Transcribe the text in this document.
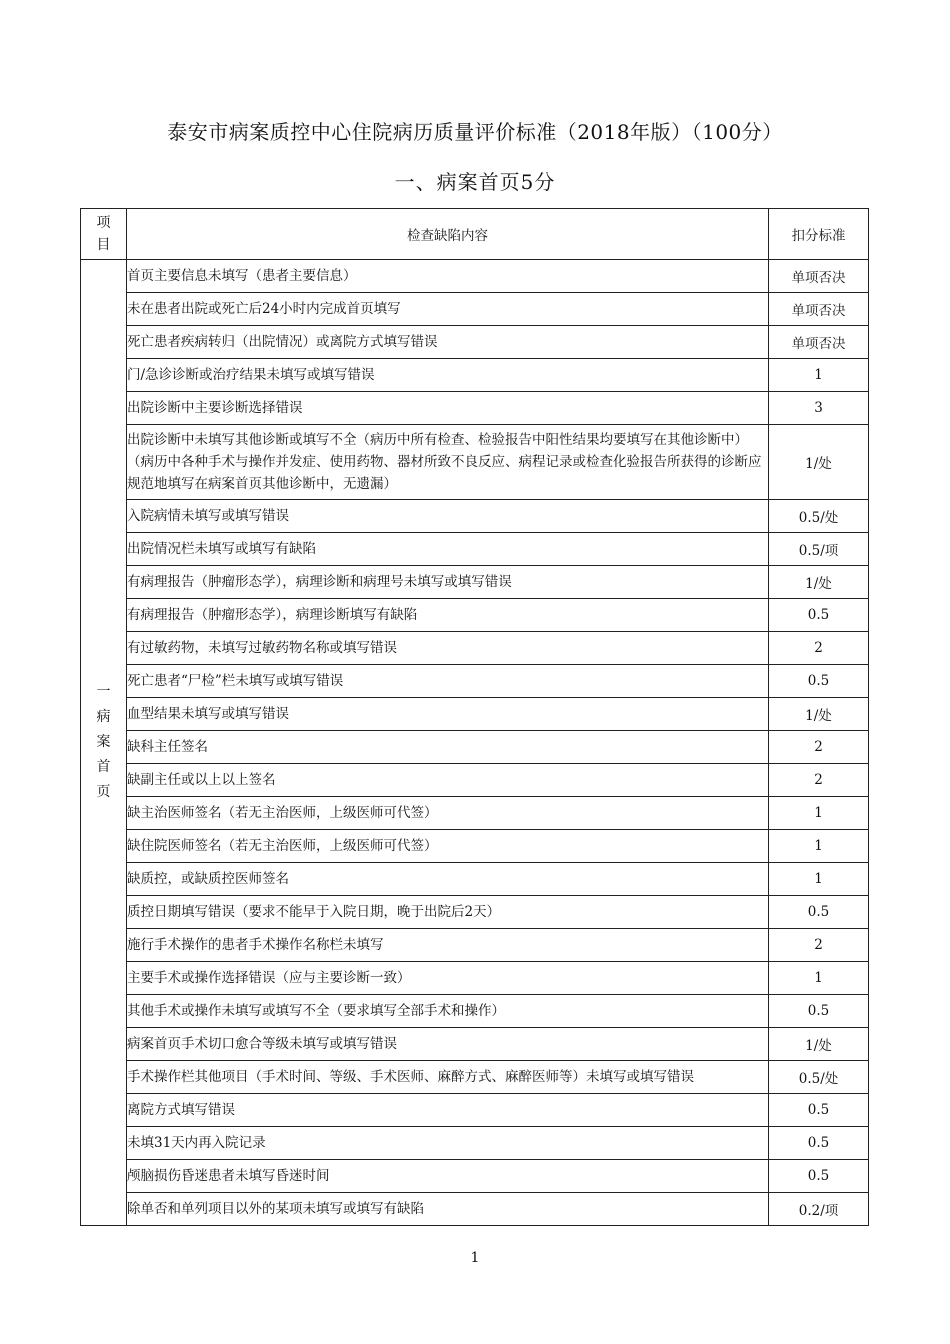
泰安市病案质控中心住院病历质量评价标准（2018年版）（100分）
一、病案首页5分
项目	检查缺陷内容	扣分标准
一病案首页	首页主要信息未填写（患者主要信息）	单项否决
	未在患者出院或死亡后24小时内完成首页填写	单项否决
	死亡患者疾病转归（出院情况）或离院方式填写错误	单项否决
	门/急诊诊断或治疗结果未填写或填写错误	1
	出院诊断中主要诊断选择错误	3
	出院诊断中未填写其他诊断或填写不全（病历中所有检查、检验报告中阳性结果均要填写在其他诊断中）（病历中各种手术与操作并发症、使用药物、器材所致不良反应、病程记录或检查化验报告所获得的诊断应规范地填写在病案首页其他诊断中，无遗漏）	1/处
	入院病情未填写或填写错误	0.5/处
	出院情况栏未填写或填写有缺陷	0.5/项
	有病理报告（肿瘤形态学），病理诊断和病理号未填写或填写错误	1/处
	有病理报告（肿瘤形态学），病理诊断填写有缺陷	0.5
	有过敏药物，未填写过敏药物名称或填写错误	2
	死亡患者“尸检”栏未填写或填写错误	0.5
	血型结果未填写或填写错误	1/处
	缺科主任签名	2
	缺副主任或以上以上签名	2
	缺主治医师签名（若无主治医师，上级医师可代签）	1
	缺住院医师签名（若无主治医师，上级医师可代签）	1
	缺质控，或缺质控医师签名	1
	质控日期填写错误（要求不能早于入院日期，晚于出院后2天）	0.5
	施行手术操作的患者手术操作名称栏未填写	2
	主要手术或操作选择错误（应与主要诊断一致）	1
	其他手术或操作未填写或填写不全（要求填写全部手术和操作）	0.5
	病案首页手术切口愈合等级未填写或填写错误	1/处
	手术操作栏其他项目（手术时间、等级、手术医师、麻醉方式、麻醉医师等）未填写或填写错误	0.5/处
	离院方式填写错误	0.5
	未填31天内再入院记录	0.5
	颅脑损伤昏迷患者未填写昏迷时间	0.5
	除单否和单列项目以外的某项未填写或填写有缺陷	0.2/项
1
